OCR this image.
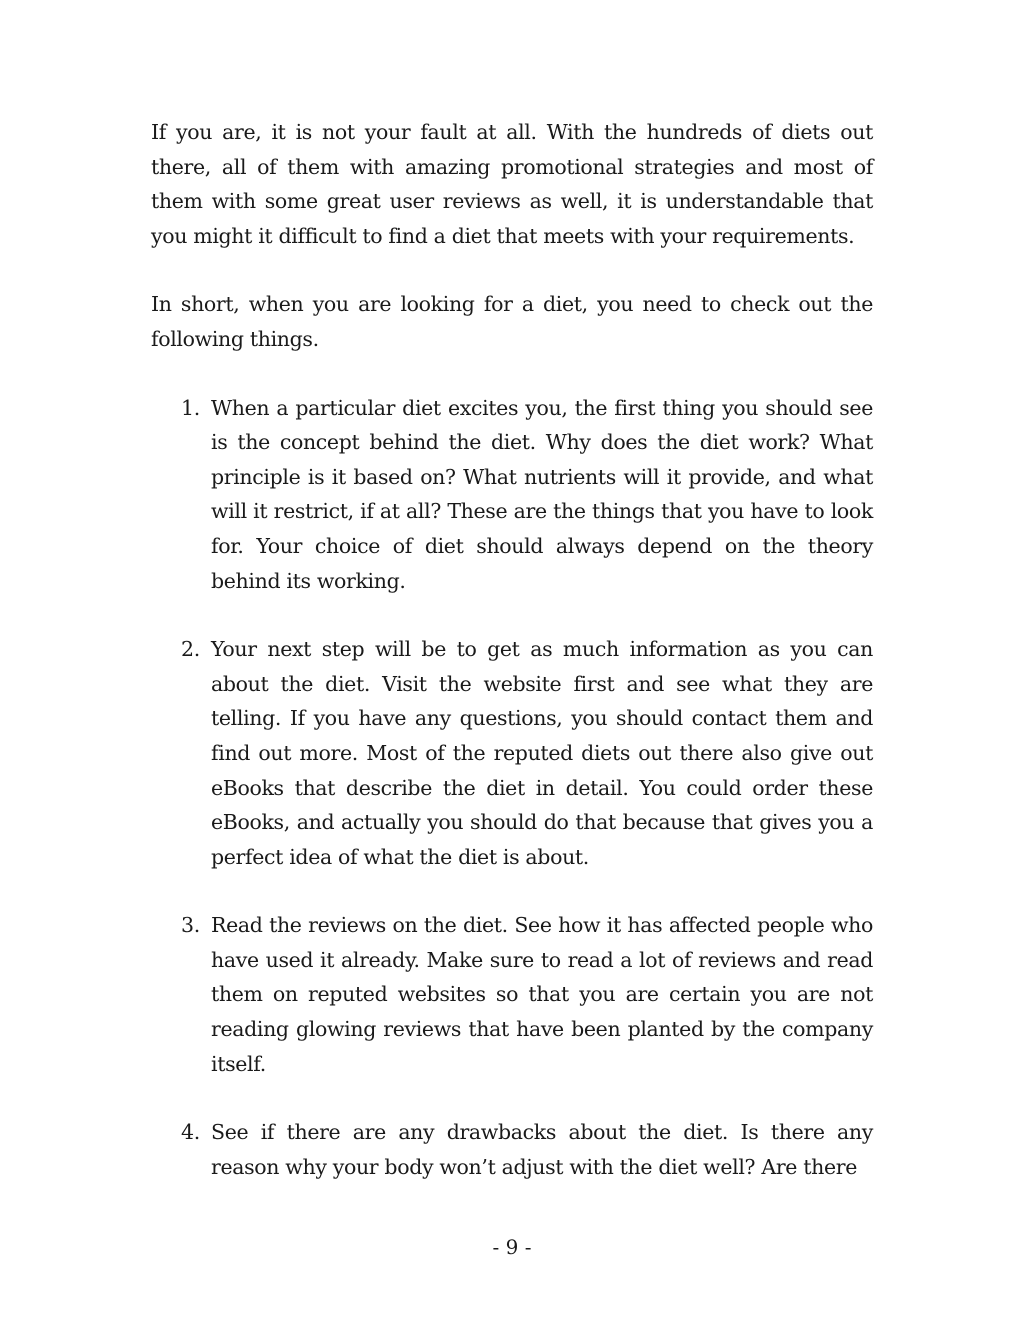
If you are, it is not your fault at all. With the hundreds of diets out there, all of them with amazing promotional strategies and most of them with some great user reviews as well, it is understandable that you might it difficult to find a diet that meets with your requirements.

In short, when you are looking for a diet, you need to check out the following things.

1. When a particular diet excites you, the first thing you should see is the concept behind the diet. Why does the diet work? What principle is it based on? What nutrients will it provide, and what will it restrict, if at all? These are the things that you have to look for. Your choice of diet should always depend on the theory behind its working.
2. Your next step will be to get as much information as you can about the diet. Visit the website first and see what they are telling. If you have any questions, you should contact them and find out more. Most of the reputed diets out there also give out eBooks that describe the diet in detail. You could order these eBooks, and actually you should do that because that gives you a perfect idea of what the diet is about.
3. Read the reviews on the diet. See how it has affected people who have used it already. Make sure to read a lot of reviews and read them on reputed websites so that you are certain you are not reading glowing reviews that have been planted by the company itself.
4. See if there are any drawbacks about the diet. Is there any reason why your body won’t adjust with the diet well? Are there
- 9 -
